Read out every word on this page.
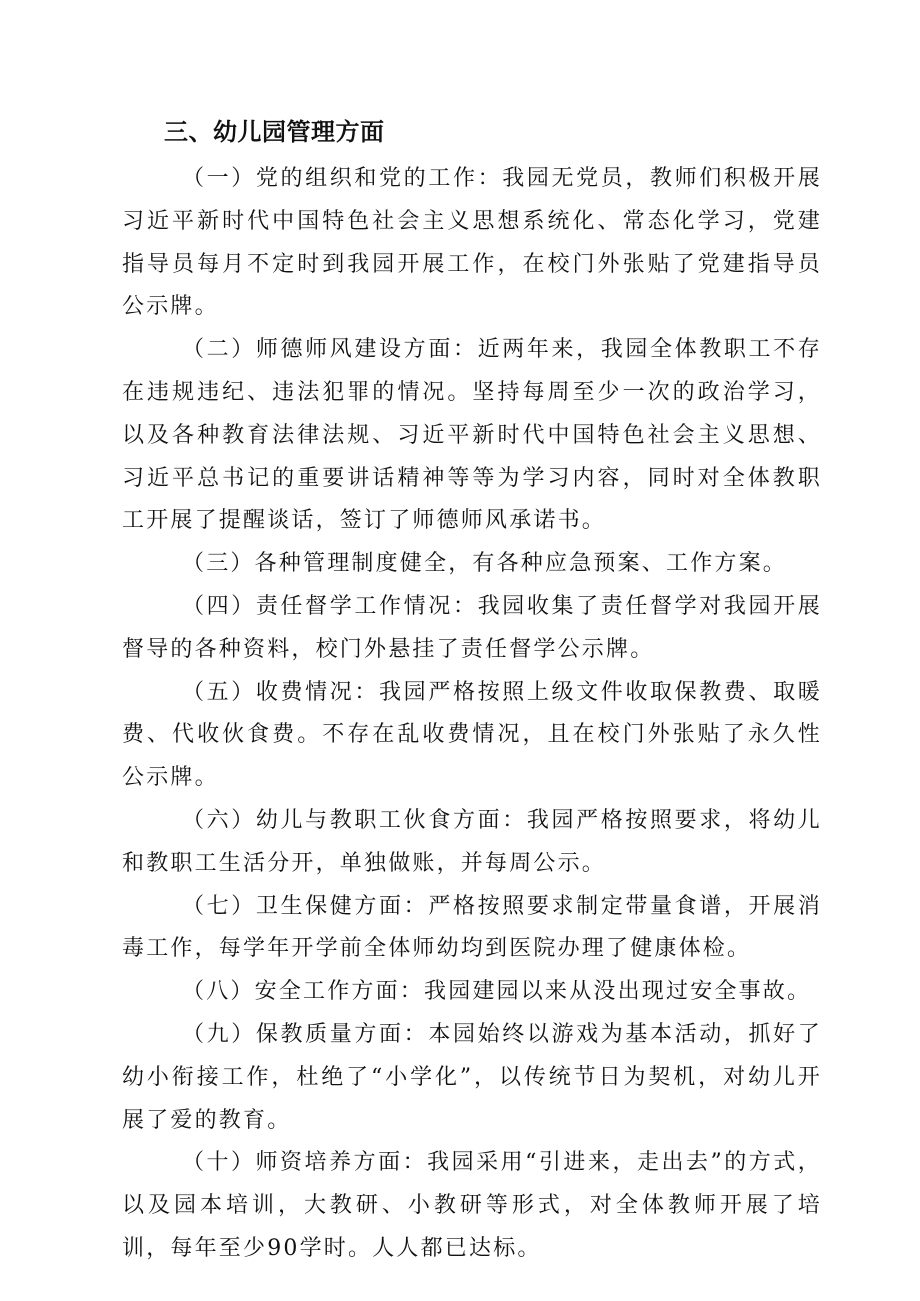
三、幼儿园管理方面

（一）党的组织和党的工作：我园无党员，教师们积极开展习近平新时代中国特色社会主义思想系统化、常态化学习，党建指导员每月不定时到我园开展工作，在校门外张贴了党建指导员公示牌。

（二）师德师风建设方面：近两年来，我园全体教职工不存在违规违纪、违法犯罪的情况。坚持每周至少一次的政治学习，以及各种教育法律法规、习近平新时代中国特色社会主义思想、习近平总书记的重要讲话精神等等为学习内容，同时对全体教职工开展了提醒谈话，签订了师德师风承诺书。

（三）各种管理制度健全，有各种应急预案、工作方案。

（四）责任督学工作情况：我园收集了责任督学对我园开展督导的各种资料，校门外悬挂了责任督学公示牌。

（五）收费情况：我园严格按照上级文件收取保教费、取暖费、代收伙食费。不存在乱收费情况，且在校门外张贴了永久性公示牌。

（六）幼儿与教职工伙食方面：我园严格按照要求，将幼儿和教职工生活分开，单独做账，并每周公示。

（七）卫生保健方面：严格按照要求制定带量食谱，开展消毒工作，每学年开学前全体师幼均到医院办理了健康体检。

（八）安全工作方面：我园建园以来从没出现过安全事故。

（九）保教质量方面：本园始终以游戏为基本活动，抓好了幼小衔接工作，杜绝了“小学化”，以传统节日为契机，对幼儿开展了爱的教育。

（十）师资培养方面：我园采用“引进来，走出去”的方式，以及园本培训，大教研、小教研等形式，对全体教师开展了培训，每年至少90学时。人人都已达标。
